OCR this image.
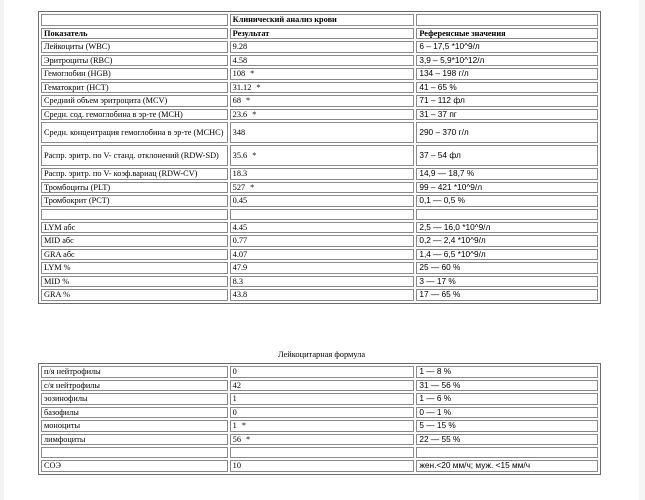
	Клинический анализ крови	
Показатель	Результат	Референсные значения
Лейкоциты (WBC)	9.28	6 – 17,5 *10^9/л
Эритроциты (RBC)	4.58	3,9 – 5,9*10^12/л
Гемоглобин (HGB)	108 *	134 – 198 г/л
Гематокрит (HCT)	31.12 *	41 – 65 %
Средний объем эритроцита (MCV)	68 *	71 – 112 фл
Средн. сод. гемоглобина в эр-те (MCH)	23.6 *	31 – 37 пг
Средн. концентрация гемоглобина в эр-те (MCHC)	348	290 – 370 г/л
Распр. эритр. по V- станд. отклонений (RDW-SD)	35.6 *	37 – 54 фл
Распр. эритр. по V- коэф.вариац (RDW-CV)	18.3	14,9 — 18,7 %
Тромбоциты (PLT)	527 *	99 – 421 *10^9/л
Тромбокрит (PCT)	0.45	0,1 — 0,5 %

LYM абс	4.45	2,5 — 16,0 *10^9/л
MID абс	0.77	0,2 — 2,4 *10^9/л
GRA абс	4.07	1,4 — 6,5 *10^9/л
LYM %	47.9	25 — 60 %
MID %	8.3	3 — 17 %
GRA %	43.8	17 — 65 %
Лейкоцитарная формула
п/я нейтрофилы	0	1 — 8 %
с/я нейтрофилы	42	31 — 56 %
эозинофилы	1	1 — 6 %
базофилы	0	0 — 1 %
моноциты	1 *	5 — 15 %
лимфоциты	56 *	22 — 55 %

СОЭ	10	жен.<20 мм/ч; муж. <15 мм/ч
